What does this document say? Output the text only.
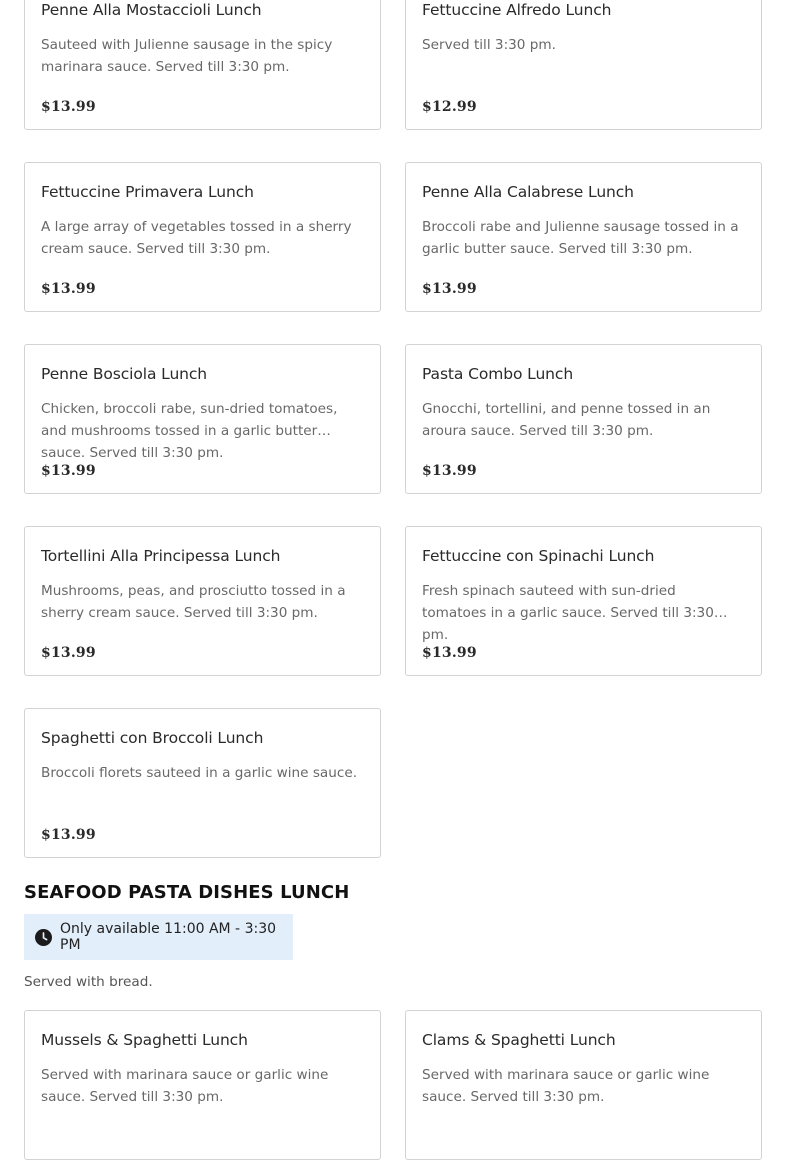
Penne Alla Mostaccioli Lunch
Sauteed with Julienne sausage in the spicy marinara sauce. Served till 3:30 pm.
$13.99
Fettuccine Alfredo Lunch
Served till 3:30 pm.
$12.99
Fettuccine Primavera Lunch
A large array of vegetables tossed in a sherry cream sauce. Served till 3:30 pm.
$13.99
Penne Alla Calabrese Lunch
Broccoli rabe and Julienne sausage tossed in a garlic butter sauce. Served till 3:30 pm.
$13.99
Penne Bosciola Lunch
Chicken, broccoli rabe, sun-dried tomatoes, and mushrooms tossed in a garlic butter sauce. Served till 3:30 pm.
$13.99
Pasta Combo Lunch
Gnocchi, tortellini, and penne tossed in an aroura sauce. Served till 3:30 pm.
$13.99
Tortellini Alla Principessa Lunch
Mushrooms, peas, and prosciutto tossed in a sherry cream sauce. Served till 3:30 pm.
$13.99
Fettuccine con Spinachi Lunch
Fresh spinach sauteed with sun-dried tomatoes in a garlic sauce. Served till 3:30 pm.
$13.99
Spaghetti con Broccoli Lunch
Broccoli florets sauteed in a garlic wine sauce.
$13.99
SEAFOOD PASTA DISHES LUNCH
Only available 11:00 AM - 3:30 PM
Served with bread.
Mussels & Spaghetti Lunch
Served with marinara sauce or garlic wine sauce. Served till 3:30 pm.
Clams & Spaghetti Lunch
Served with marinara sauce or garlic wine sauce. Served till 3:30 pm.
